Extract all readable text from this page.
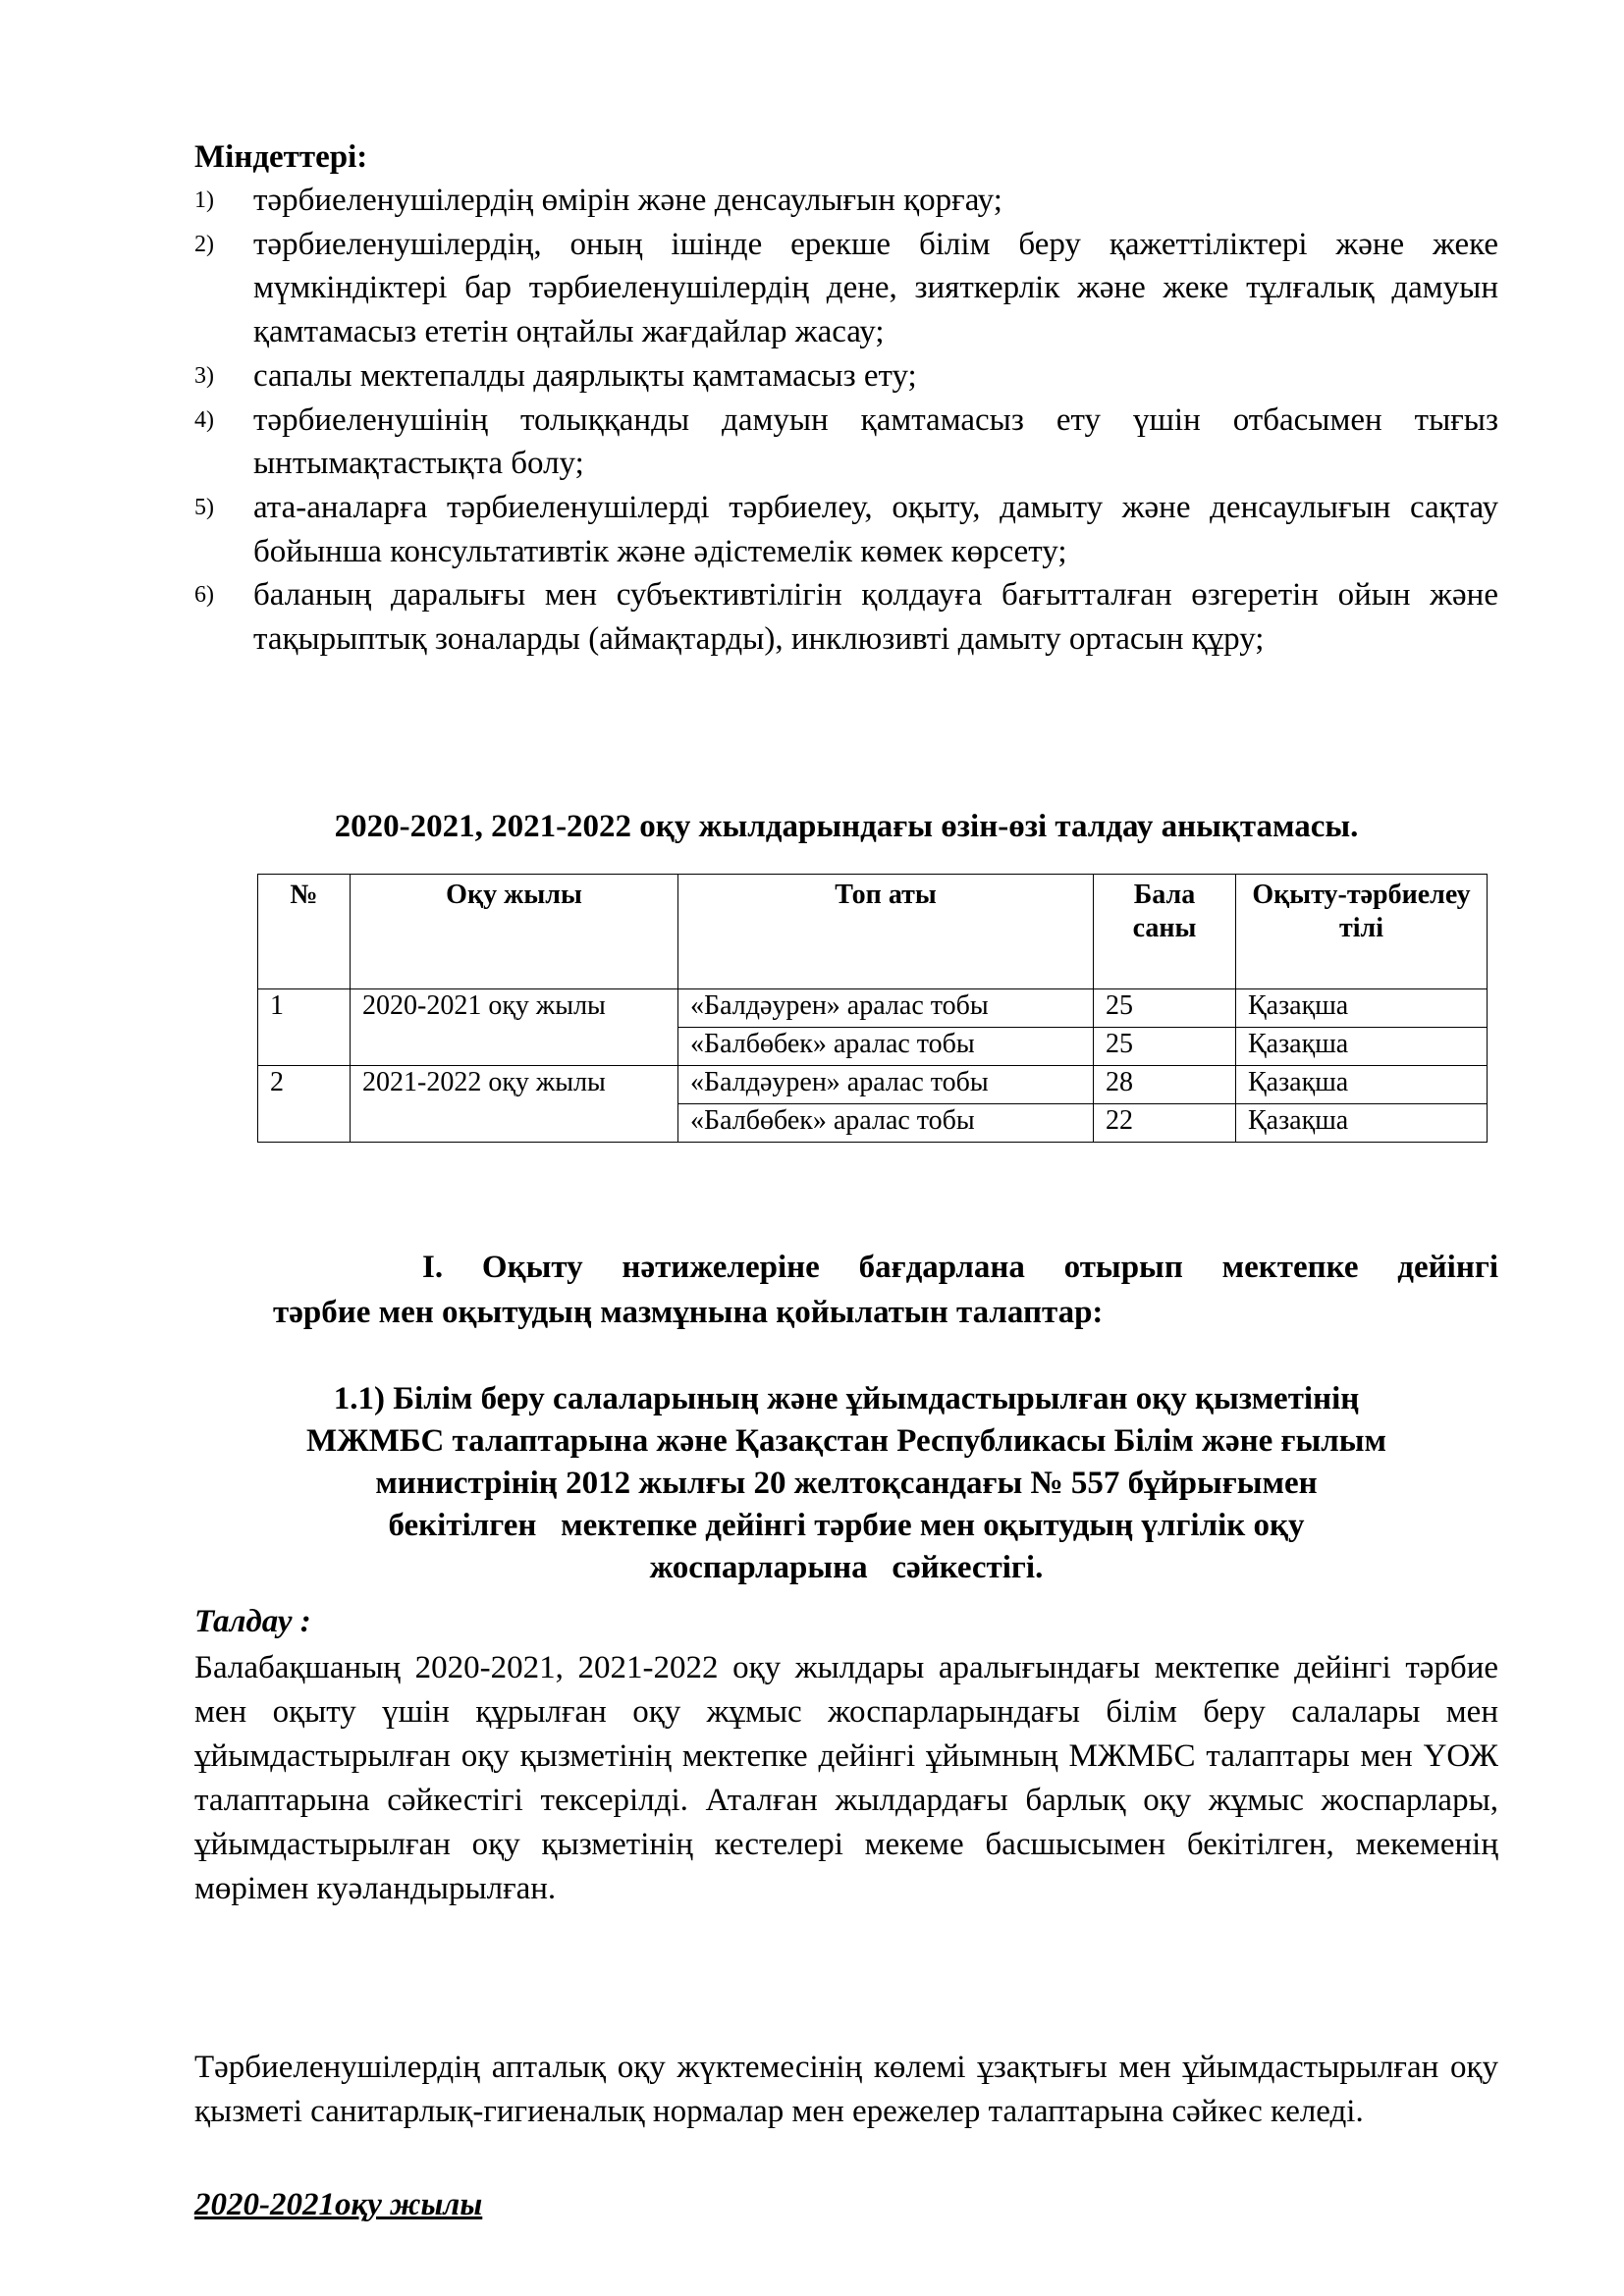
Міндеттері:
1) тәрбиеленушілердің өмірін және денсаулығын қорғау;
2) тәрбиеленушілердің, оның ішінде ерекше білім беру қажеттіліктері және жеке мүмкіндіктері бар тәрбиеленушілердің дене, зияткерлік және жеке тұлғалық дамуын қамтамасыз ететін оңтайлы жағдайлар жасау;
3) сапалы мектепалды даярлықты қамтамасыз ету;
4) тәрбиеленушінің толыққанды дамуын қамтамасыз ету үшін отбасымен тығыз ынтымақтастықта болу;
5) ата-аналарға тәрбиеленушілерді тәрбиелеу, оқыту, дамыту және денсаулығын сақтау бойынша консультативтік және әдістемелік көмек көрсету;
6) баланың даралығы мен субъективтілігін қолдауға бағытталған өзгеретін ойын және тақырыптық зоналарды (аймақтарды), инклюзивті дамыту ортасын құру;
2020-2021, 2021-2022 оқу жылдарындағы өзін-өзі талдау анықтамасы.
№	Оқу жылы	Топ аты	Бала саны	Оқыту-тәрбиелеу тілі
1	2020-2021 оқу жылы	«Балдәурен» аралас тобы	25	Қазақша
		«Балбөбек» аралас тобы	25	Қазақша
2	2021-2022 оқу жылы	«Балдәурен» аралас тобы	28	Қазақша
		«Балбөбек» аралас тобы	22	Қазақша
I. Оқыту нәтижелеріне бағдарлана отырып мектепке дейінгі
тәрбие мен оқытудың мазмұнына қойылатын талаптар:
1.1) Білім беру салаларының және ұйымдастырылған оқу қызметінің
МЖМБС талаптарына және Қазақстан Республикасы Білім және ғылым
министрінің 2012 жылғы 20 желтоқсандағы № 557 бұйрығымен
бекітілген   мектепке дейінгі тәрбие мен оқытудың үлгілік оқу
жоспарларына   сәйкестігі.
Талдау :
Балабақшаның 2020-2021, 2021-2022 оқу жылдары аралығындағы мектепке дейінгі тәрбие мен оқыту үшін құрылған оқу жұмыс жоспарларындағы білім беру салалары мен ұйымдастырылған оқу қызметінің мектепке дейінгі ұйымның МЖМБС талаптары мен ҮОЖ талаптарына сәйкестігі тексерілді. Аталған жылдардағы барлық оқу жұмыс жоспарлары, ұйымдастырылған оқу қызметінің кестелері мекеме басшысымен бекітілген, мекеменің мөрімен куәландырылған.
Тәрбиеленушілердің апталық оқу жүктемесінің көлемі ұзақтығы мен ұйымдастырылған оқу қызметі санитарлық-гигиеналық нормалар мен ережелер талаптарына сәйкес келеді.
2020-2021оқу жылы
